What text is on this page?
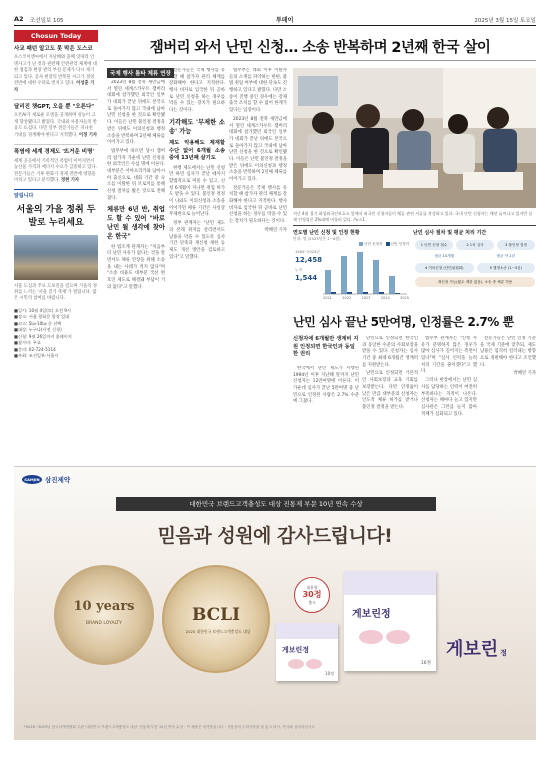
A2 조선일보 105	투데이	2025년 3월 15일 토요일
Chosun Today
사교 패턴 알고도 못 막은 도스코
포스코이앤씨에서 지난해와 올해 잇따라 인명사고가 난 것과 관련해 안전관리 체계에 대한 점검과 현장 관리 부실 문제가 다시 제기되고 있다. 공사 현장의 반복된 사고가 경영 전반에 대한 우려로 번지고 있다. 이성훈 기자
달리진 챗GPT, 오을 뿐 "오른다"
오픈AI가 새로운 모델을 공개하며 성능이 크게 향상됐다고 밝혔다. 국내외 사용자들의 반응도 뜨겁다. 다만 일부 전문가들은 지나친 기대를 경계해야 한다고 지적했다. 이정 기자
폭염에 세계 경제도 '뜨거운 비명'
세계 곳곳에서 기록적인 폭염이 이어지면서 농산물 가격과 에너지 수요가 급증하고 있다. 전문가들은 기후 변화가 경제 전반에 영향을 미치고 있다고 분석했다. 정현 기자
알림니다
서울의 가을 정취 두발로 누리세요
서울 도심과 주요 도보길을 걸으며 가을의 정취를 느끼는 '서울 걷기 축제'가 열립니다. 많은 시민의 참여를 바랍니다.
■일시: 10월 4일(토) 오전 9시
■장소: 서울 광화문 광장 일대
■코스: 5㎞·10㎞ 중 선택
■대상: 누구나(사전 신청)
■신청: 9월 26일까지 홈페이지
■참가비: 무료
■문의: 02-724-5114
■주최: 조선일보·서울시
잼버리 와서 난민 신청… 소송 반복하며 2년째 한국 살이
국제 행사 틈타 체류 연장

2023년 8월 전북 새만금에서 열린 세계스카우트 잼버리 대회에 참가했던 외국인 일부가 대회가 끝난 뒤에도 본국으로 돌아가지 않고 국내에 남아 난민 신청을 한 것으로 확인됐다. 이들은 난민 불인정 결정을 받은 뒤에도 이의신청과 행정소송을 반복하며 2년째 체류를 이어가고 있다.

법무부에 따르면 당시 잼버리 참가자 가운데 난민 신청을 한 외국인은 수십 명에 이른다. 대부분은 서아프리카와 남아시아 출신으로, 대회 기간 중 숙소를 이탈한 뒤 브로커를 통해 신청 절차를 밟은 것으로 전해졌다.

체류만 6년 반, 취업도 할 수 있어 "바로 난민 될 생각에 찾아온 한국"

한 법조계 관계자는 "처음부터 난민 사유가 없다는 것을 알면서도 체류 연장을 위해 소송을 내는 사례가 적지 않다"며 "소송 비용도 대부분 국선 변호인 제도로 해결돼 부담이 거의 없다"고 말했다.

전문가들은 국제 행사를 유치할 때 참가자 관리 체계를 강화해야 한다고 지적한다. 행사 비자로 입국한 뒤 곧바로 난민 신청을 하는 경우를 막을 수 있는 장치가 필요하다는 것이다.

기각해도 '무제한 소송' 가능
제도 악용해도 제재할 수단 없어 6개월 소송 중에 13년째 살기도

현행 제도에서는 난민 신청만 하면 심사가 끝날 때까지 합법적으로 머물 수 있고, 신청 6개월이 지나면 취업 허가도 받을 수 있다. 불인정 결정이 나와도 이의신청과 소송을 이어가면 체류 기간은 사실상 무제한으로 늘어난다.

정부 관계자는 "난민 제도의 본래 취지를 살리면서도 남용을 막을 수 있도록 심사 기간 단축과 재신청 제한 등 제도 개선 방안을 검토하고 있다"고 말했다.

법무부는 대회 이후 이탈자들의 소재를 파악하는 한편, 불법 취업 여부에 대한 단속도 진행하고 있다고 밝혔다. 다만 소송이 진행 중인 경우에는 강제 출국 조치를 할 수 없어 한계가 있다는 입장이다.

2023년 8월 전북 새만금에서 열린 세계스카우트 잼버리 대회에 참가했던 외국인 일부가 대회가 끝난 뒤에도 본국으로 돌아가지 않고 국내에 남아 난민 신청을 한 것으로 확인됐다. 이들은 난민 불인정 결정을 받은 뒤에도 이의신청과 행정소송을 반복하며 2년째 체류를 이어가고 있다.

전문가들은 국제 행사를 유치할 때 참가자 관리 체계를 강화해야 한다고 지적한다. 행사 비자로 입국한 뒤 곧바로 난민 신청을 하는 경우를 막을 수 있는 장치가 필요하다는 것이다.

박혜연 기자

지난 4월 경기 화성외국인보호소 앞에서 외국인 신청자들이 체류 관련 서류를 작성하고 있다. 국내 난민 신청자는 매년 늘어나고 있지만 실제 인정률은 2%대에 머물러 있다. /뉴스1
연도별 난민 신청 및 인정 현황
단위: 명 (2025년은 1~6월)
난민 신청자 난민 인정자
1984~2024년
12,458
누적
1,544
2021	2022	2023	2024	2025
난민 심사 절차 및 평균 처리 기간
1 난민 신청 접수	2 1차 심사	3 불인정 결정
평균 14개월	평균 약 2년
4 이의신청 (난민위원회)	5 행정소송 (1~3심)
재신청 가능(횟수 제한 없음), 소송 중 체류 허용
난민 심사 끝난 5만여명, 인정률은 2.7% 뿐
신청자에 6개월만 생계비 지원 인정되면 한국인과 동일한 권리

한국에서 난민 제도가 시행된 1994년 이후 지난해 말까지 난민 신청자는 12만여명에 이른다. 이 가운데 심사가 끝난 5만여명 중 난민으로 인정된 사람은 2.7% 수준에 그쳤다.

난민으로 인정되면 한국인과 동일한 수준의 사회보장을 받을 수 있다. 신청자는 심사 기간 중 최대 6개월간 생계비를 지원받는다.

난민으로 인정되면 기본적인 사회보장과 교육 기회를 보장받는다. 다만 인정률이 낮은 만큼 대부분의 신청자는 인도적 체류 허가를 받거나 불인정 결정을 받는다.

법무부 관계자는 "신청 사유가 분명하지 않은 경우가 많아 심사가 길어지는 측면이 있다"며 "심사 인력을 늘려 처리 기간을 줄이겠다"고 했다.

그러나 현장에서는 난민 심사를 담당하는 인력이 여전히 부족하다는 지적이 나온다. 신청자는 해마다 늘고 있지만 심사관은 그만큼 늘지 않아 적체가 심화되고 있다.

전문가들은 난민 인정 기준을 국제 기준에 맞추되, 제도 남용은 엄격히 걸러내는 방향으로 개편해야 한다고 조언했다.

박혜연 기자

SAMJIN 삼진제약
대한민국 브랜드고객충성도 대상 진통제 부문 10년 연속 수상
믿음과 성원에 감사드립니다!
10 years
BRAND LOYALTY	BCLI
2025 대한민국 브랜드고객충성도 대상
대용량
30정
출시
게보린정
10정
게보린정
16정
게보린 정
*2016~2025년 한국마케팅협회 주관 '대한민국 브랜드고객충성도 대상' 진통제 부문 10년 연속 수상 · 이 제품은 의약품입니다 · 사용상의 주의사항을 잘 읽고 의사, 약사와 상의하십시오
